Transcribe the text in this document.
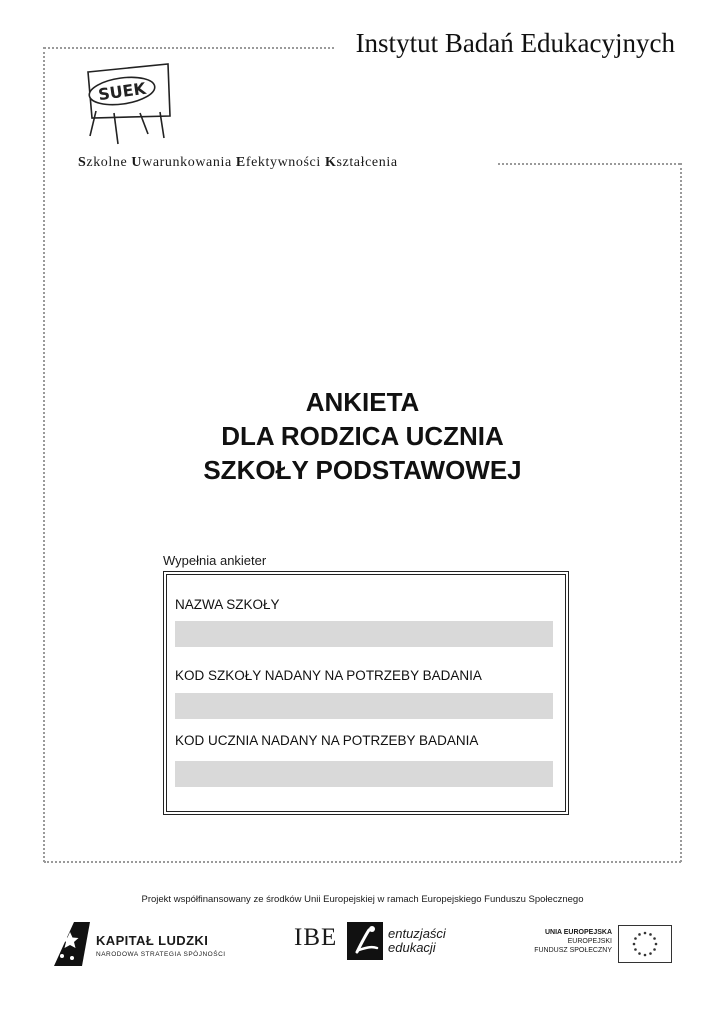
Instytut Badań Edukacyjnych
SUEK
Szkolne Uwarunkowania Efektywności Kształcenia
ANKIETA
DLA RODZICA UCZNIA
SZKOŁY PODSTAWOWEJ
Wypełnia ankieter
NAZWA SZKOŁY
KOD SZKOŁY NADANY NA POTRZEBY BADANIA
KOD UCZNIA NADANY NA POTRZEBY BADANIA
Projekt współfinansowany ze środków Unii Europejskiej w ramach Europejskiego Funduszu Społecznego
KAPITAŁ LUDZKI
NARODOWA STRATEGIA SPÓJNOŚCI
IBE	entuzjaści
edukacji
UNIA EUROPEJSKA
EUROPEJSKI
FUNDUSZ SPOŁECZNY
